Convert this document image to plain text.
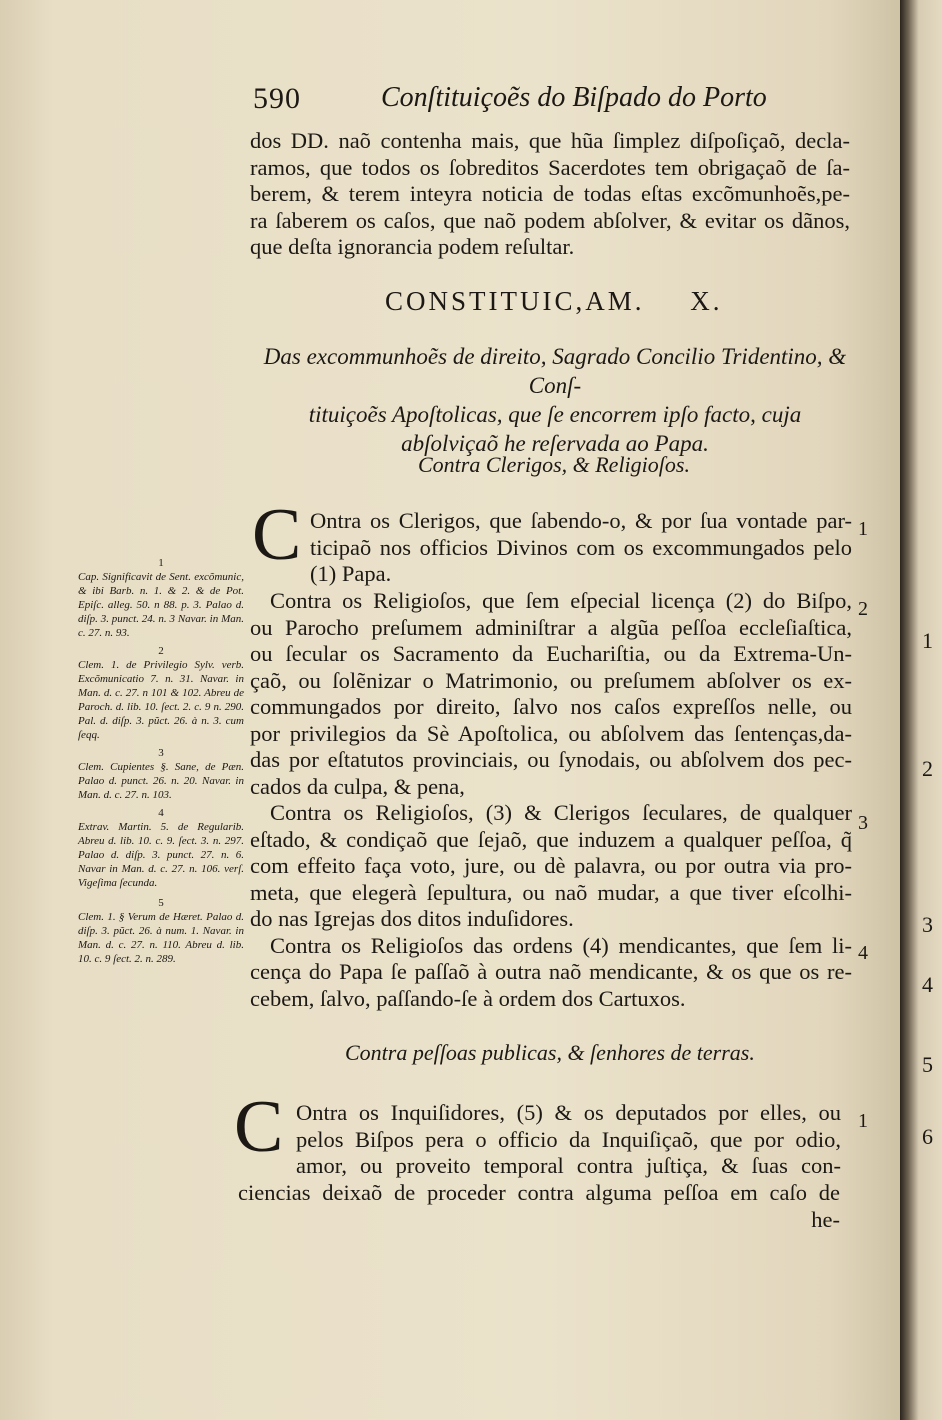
590	Conſtituiçoẽs do Biſpado do Porto
dos DD. naõ contenha mais, que hũa ſimplez diſpoſiçaõ, decla-
ramos, que todos os ſobreditos Sacerdotes tem obrigaçaõ de ſa-
berem, & terem inteyra noticia de todas eſtas excõmunhoẽs,pe-
ra ſaberem os caſos, que naõ podem abſolver, & evitar os dãnos,
que deſta ignorancia podem reſultar.
CONSTITUIC,AM. X.
Das excommunhoẽs de direito, Sagrado Concilio Tridentino, & Conſ-
tituiçoẽs Apoſtolicas, que ſe encorrem ipſo facto, cuja
abſolviçaõ he reſervada ao Papa.
Contra Clerigos, & Religioſos.
C Ontra os Clerigos, que ſabendo-o, & por ſua vontade par-
ticipaõ nos officios Divinos com os excommungados pelo
(1) Papa.
Contra os Religioſos, que ſem eſpecial licença (2) do Biſpo,
ou Parocho preſumem adminiſtrar a algũa peſſoa eccleſiaſtica,
ou ſecular os Sacramento da Euchariſtia, ou da Extrema-Un-
çaõ, ou ſolẽnizar o Matrimonio, ou preſumem abſolver os ex-
commungados por direito, ſalvo nos caſos expreſſos nelle, ou
por privilegios da Sè Apoſtolica, ou abſolvem das ſentenças,da-
das por eſtatutos provinciais, ou ſynodais, ou abſolvem dos pec-
cados da culpa, & pena,
Contra os Religioſos, (3) & Clerigos ſeculares, de qualquer
eſtado, & condiçaõ que ſejaõ, que induzem a qualquer peſſoa, q̃
com effeito faça voto, jure, ou dè palavra, ou por outra via pro-
meta, que elegerà ſepultura, ou naõ mudar, a que tiver eſcolhi-
do nas Igrejas dos ditos induſidores.
Contra os Religioſos das ordens (4) mendicantes, que ſem li-
cença do Papa ſe paſſaõ à outra naõ mendicante, & os que os re-
cebem, ſalvo, paſſando-ſe à ordem dos Cartuxos.
Contra peſſoas publicas, & ſenhores de terras.
C Ontra os Inquiſidores, (5) & os deputados por elles, ou
pelos Biſpos pera o officio da Inquiſiçaõ, que por odio,
amor, ou proveito temporal contra juſtiça, & ſuas con-
ciencias deixaõ de proceder contra alguma peſſoa em caſo de
he-
1
2
3
4
1
1
Cap. Significavit de Sent. excõmunic, & ibi Barb. n. 1. & 2. & de Pot. Epiſc. alleg. 50. n 88. p. 3. Palao d. diſp. 3. punct. 24. n. 3 Navar. in Man. c. 27. n. 93.
2
Clem. 1. de Privilegio Sylv. verb. Excõmunicatio 7. n. 31. Navar. in Man. d. c. 27. n 101 & 102. Abreu de Paroch. d. lib. 10. ſect. 2. c. 9 n. 290. Pal. d. diſp. 3. pũct. 26. à n. 3. cum ſeqq.
3
Clem. Cupientes §. Sane, de Pæn. Palao d. punct. 26. n. 20. Navar. in Man. d. c. 27. n. 103.
4
Extrav. Martin. 5. de Regularib. Abreu d. lib. 10. c. 9. ſect. 3. n. 297. Palao d. diſp. 3. punct. 27. n. 6. Navar in Man. d. c. 27. n. 106. verſ. Vigeſima ſecunda.
5
Clem. 1. § Verum de Hæret. Palao d. diſp. 3. pũct. 26. à num. 1. Navar. in Man. d. c. 27. n. 110. Abreu d. lib. 10. c. 9 ſect. 2. n. 289.
1
2
3
4
5
6
